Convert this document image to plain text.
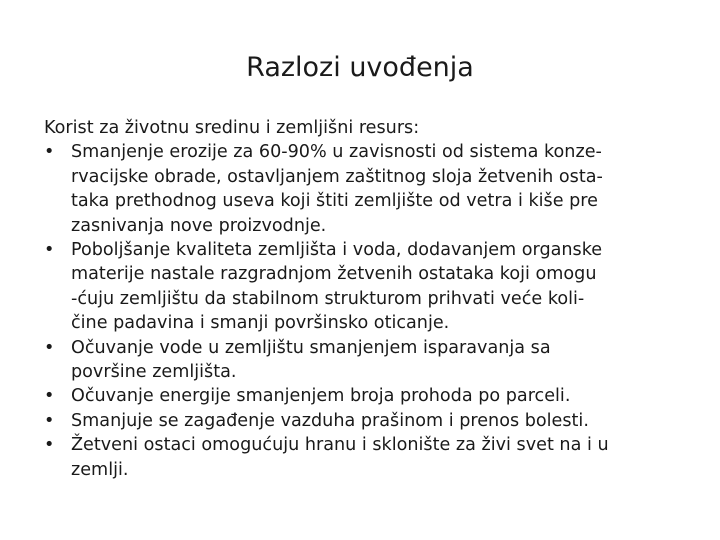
Razlozi uvođenja

Korist za životnu sredinu i zemljišni resurs:

• Smanjenje erozije za 60-90% u zavisnosti od sistema konze-
rvacijske obrade, ostavljanjem zaštitnog sloja žetvenih osta-
taka prethodnog useva koji štiti zemljište od vetra i kiše pre
zasnivanja nove proizvodnje.
• Poboljšanje kvaliteta zemljišta i voda, dodavanjem organske
materije nastale razgradnjom žetvenih ostataka koji omogu
-ćuju zemljištu da stabilnom strukturom prihvati veće koli-
čine padavina i smanji površinsko oticanje.
• Očuvanje vode u zemljištu smanjenjem isparavanja sa
površine zemljišta.
• Očuvanje energije smanjenjem broja prohoda po parceli.
• Smanjuje se zagađenje vazduha prašinom i prenos bolesti.
• Žetveni ostaci omogućuju hranu i sklonište za živi svet na i u
zemlji.
